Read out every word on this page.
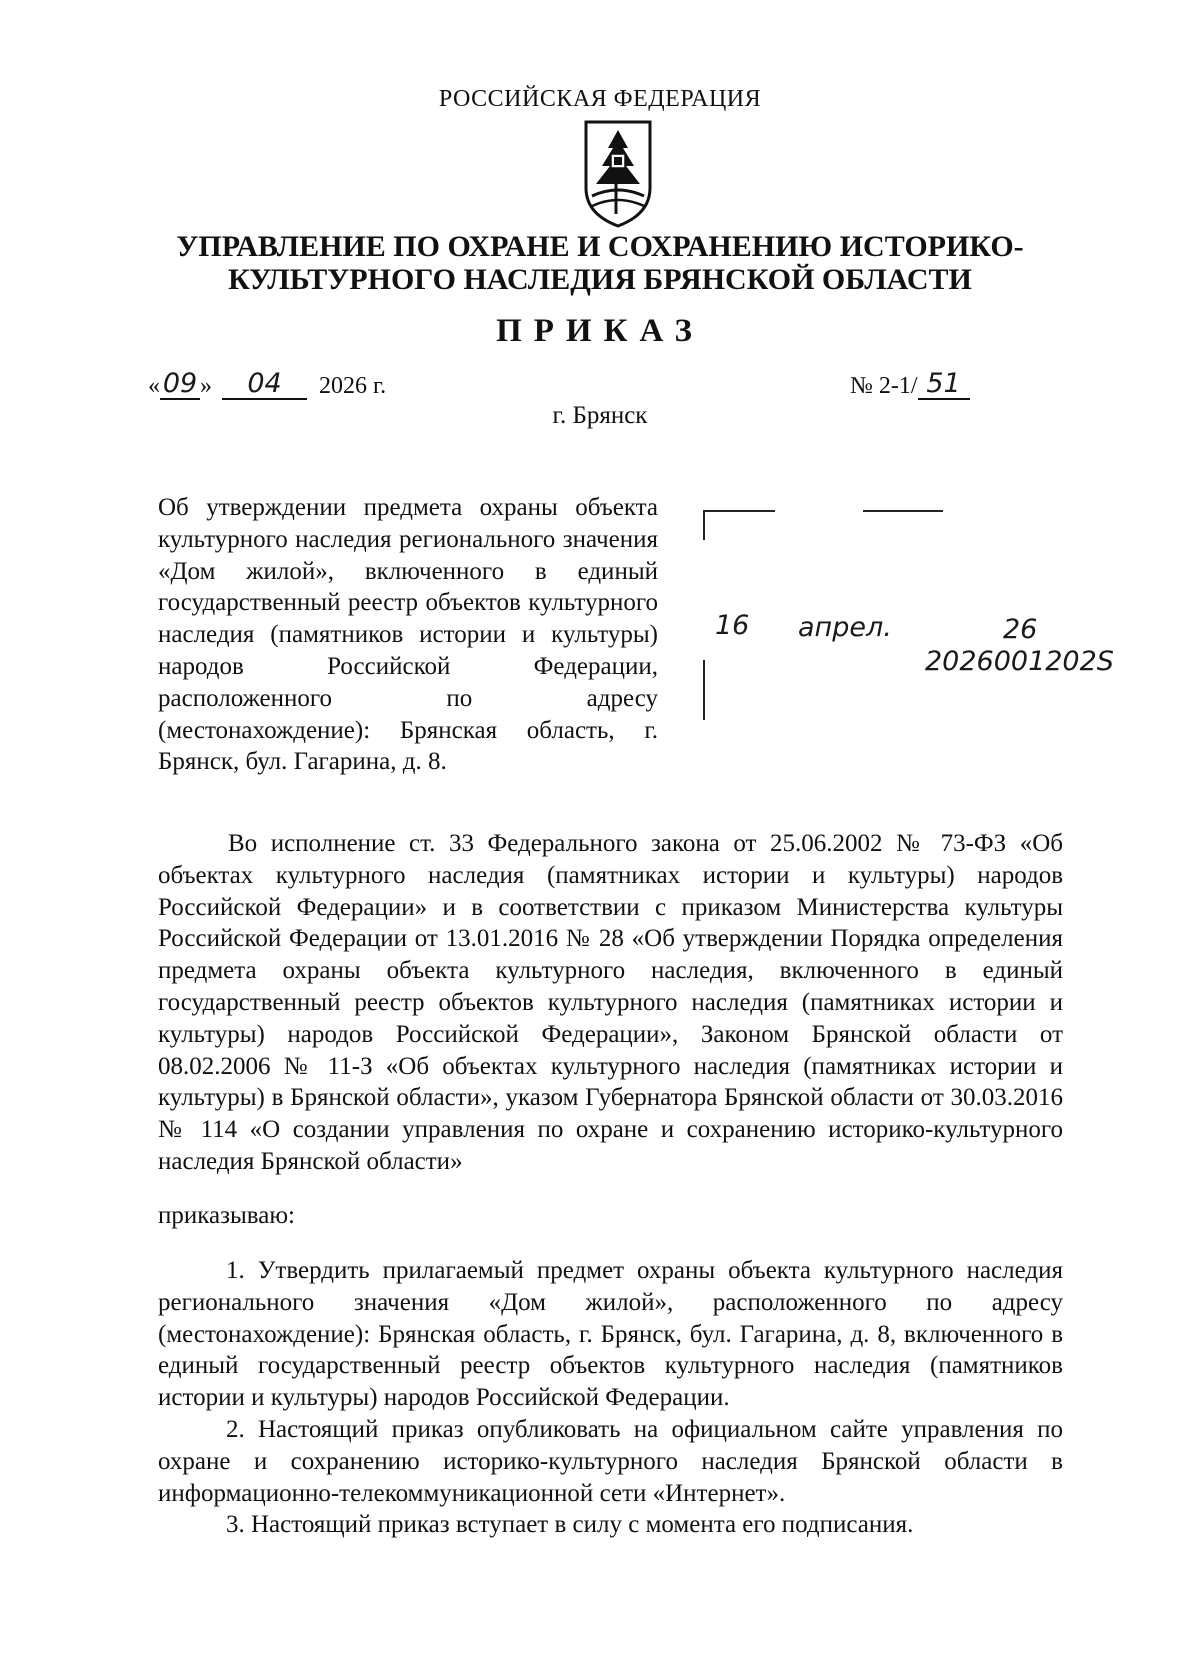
РОССИЙСКАЯ ФЕДЕРАЦИЯ
УПРАВЛЕНИЕ ПО ОХРАНЕ И СОХРАНЕНИЮ ИСТОРИКО-
КУЛЬТУРНОГО НАСЛЕДИЯ БРЯНСКОЙ ОБЛАСТИ
ПРИКАЗ
« 09 »	04	2026 г.	№ 2-1/ 51
г. Брянск
Об утверждении предмета охраны объекта культурного наследия регионального значения «Дом жилой», включенного в единый государственный реестр объектов культурного наследия (памятников истории и культуры) народов Российской Федерации, расположенного по адресу (местонахождение): Брянская область, г. Брянск, бул. Гагарина, д. 8.
16 апрел.	26
2026001202S

Во исполнение ст. 33 Федерального закона от 25.06.2002 № 73-ФЗ «Об объектах культурного наследия (памятниках истории и культуры) народов Российской Федерации» и в соответствии с приказом Министерства культуры Российской Федерации от 13.01.2016 № 28 «Об утверждении Порядка определения предмета охраны объекта культурного наследия, включенного в единый государственный реестр объектов культурного наследия (памятниках истории и культуры) народов Российской Федерации», Законом Брянской области от 08.02.2006 № 11-З «Об объектах культурного наследия (памятниках истории и культуры) в Брянской области», указом Губернатора Брянской области от 30.03.2016 № 114 «О создании управления по охране и сохранению историко-культурного наследия Брянской области»

приказываю:

1. Утвердить прилагаемый предмет охраны объекта культурного наследия регионального значения «Дом жилой», расположенного по адресу (местонахождение): Брянская область, г. Брянск, бул. Гагарина, д. 8, включенного в единый государственный реестр объектов культурного наследия (памятников истории и культуры) народов Российской Федерации.

2. Настоящий приказ опубликовать на официальном сайте управления по охране и сохранению историко-культурного наследия Брянской области в информационно-телекоммуникационной сети «Интернет».

3. Настоящий приказ вступает в силу с момента его подписания.
